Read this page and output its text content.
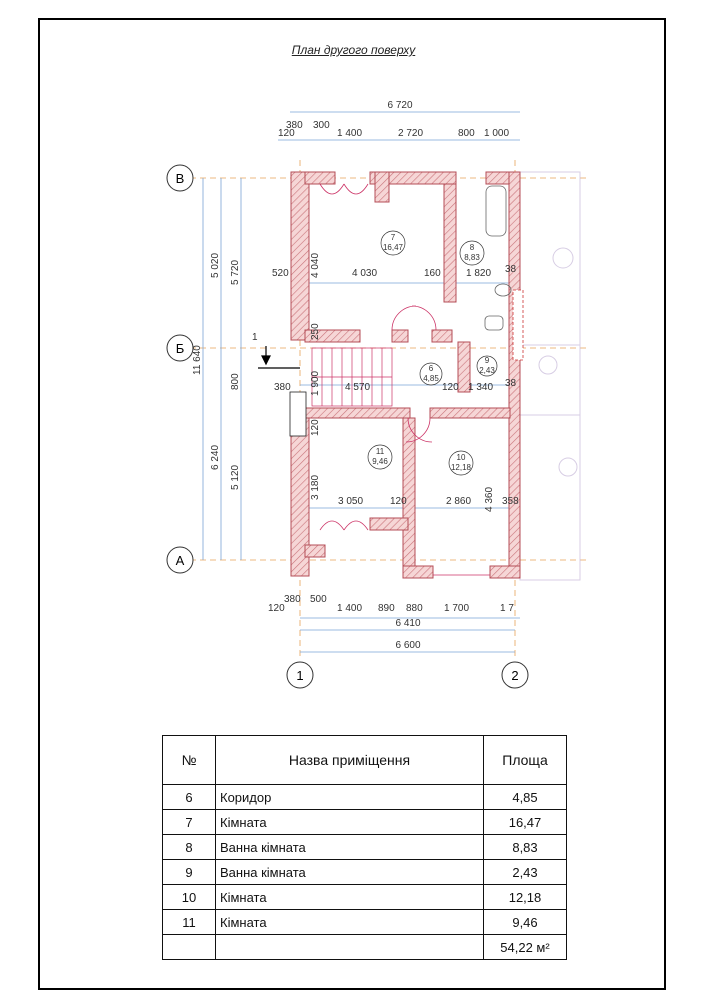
План другого поверху
1
В
Б
А
1	2
6 720
120
380 300
1 400	2 720	800 1 000
120
380 500
1 400 890 880 1 700	1 7
6 410
6 600
11 640
5 020
6 240
5 720
800
5 120
520 4 040	4 030	160	1 820
250
1 900 4 570
380	120 1 340
120
3 180
3 050	120	2 860 4 360
38
38
358
7
16,47	8
8,83
6
4,85
9
2,43
11
9,46	10
12,18
№	Назва приміщення	Площа
6	Коридор	4,85
7	Кімната	16,47
8	Ванна кімната	8,83
9	Ванна кімната	2,43
10	Кімната	12,18
11	Кімната	9,46
		54,22 м²
